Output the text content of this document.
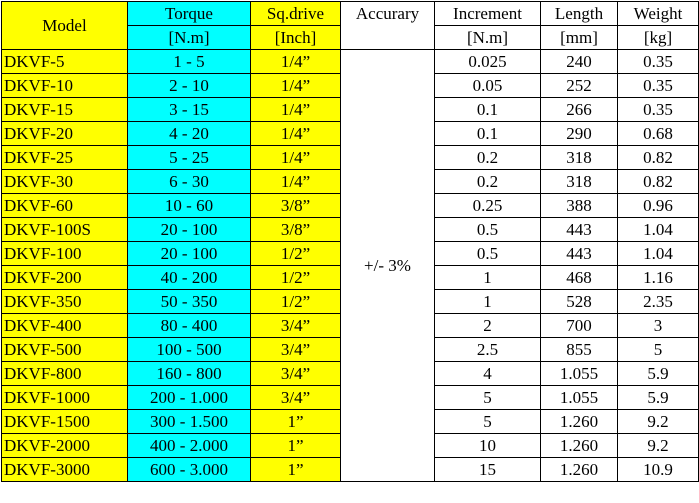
Model	Torque	Sq.drive	Accurary	Increment	Length	Weight
	[N.m]	[Inch]		[N.m]	[mm]	[kg]
DKVF-5	1 - 5	1/4”	+/- 3%	0.025	240	0.35
DKVF-10	2 - 10	1/4”		0.05	252	0.35
DKVF-15	3 - 15	1/4”		0.1	266	0.35
DKVF-20	4 - 20	1/4”		0.1	290	0.68
DKVF-25	5 - 25	1/4”		0.2	318	0.82
DKVF-30	6 - 30	1/4”		0.2	318	0.82
DKVF-60	10 - 60	3/8”		0.25	388	0.96
DKVF-100S	20 - 100	3/8”		0.5	443	1.04
DKVF-100	20 - 100	1/2”		0.5	443	1.04
DKVF-200	40 - 200	1/2”		1	468	1.16
DKVF-350	50 - 350	1/2”		1	528	2.35
DKVF-400	80 - 400	3/4”		2	700	3
DKVF-500	100 - 500	3/4”		2.5	855	5
DKVF-800	160 - 800	3/4”		4	1.055	5.9
DKVF-1000	200 - 1.000	3/4”		5	1.055	5.9
DKVF-1500	300 - 1.500	1”		5	1.260	9.2
DKVF-2000	400 - 2.000	1”		10	1.260	9.2
DKVF-3000	600 - 3.000	1”		15	1.260	10.9
